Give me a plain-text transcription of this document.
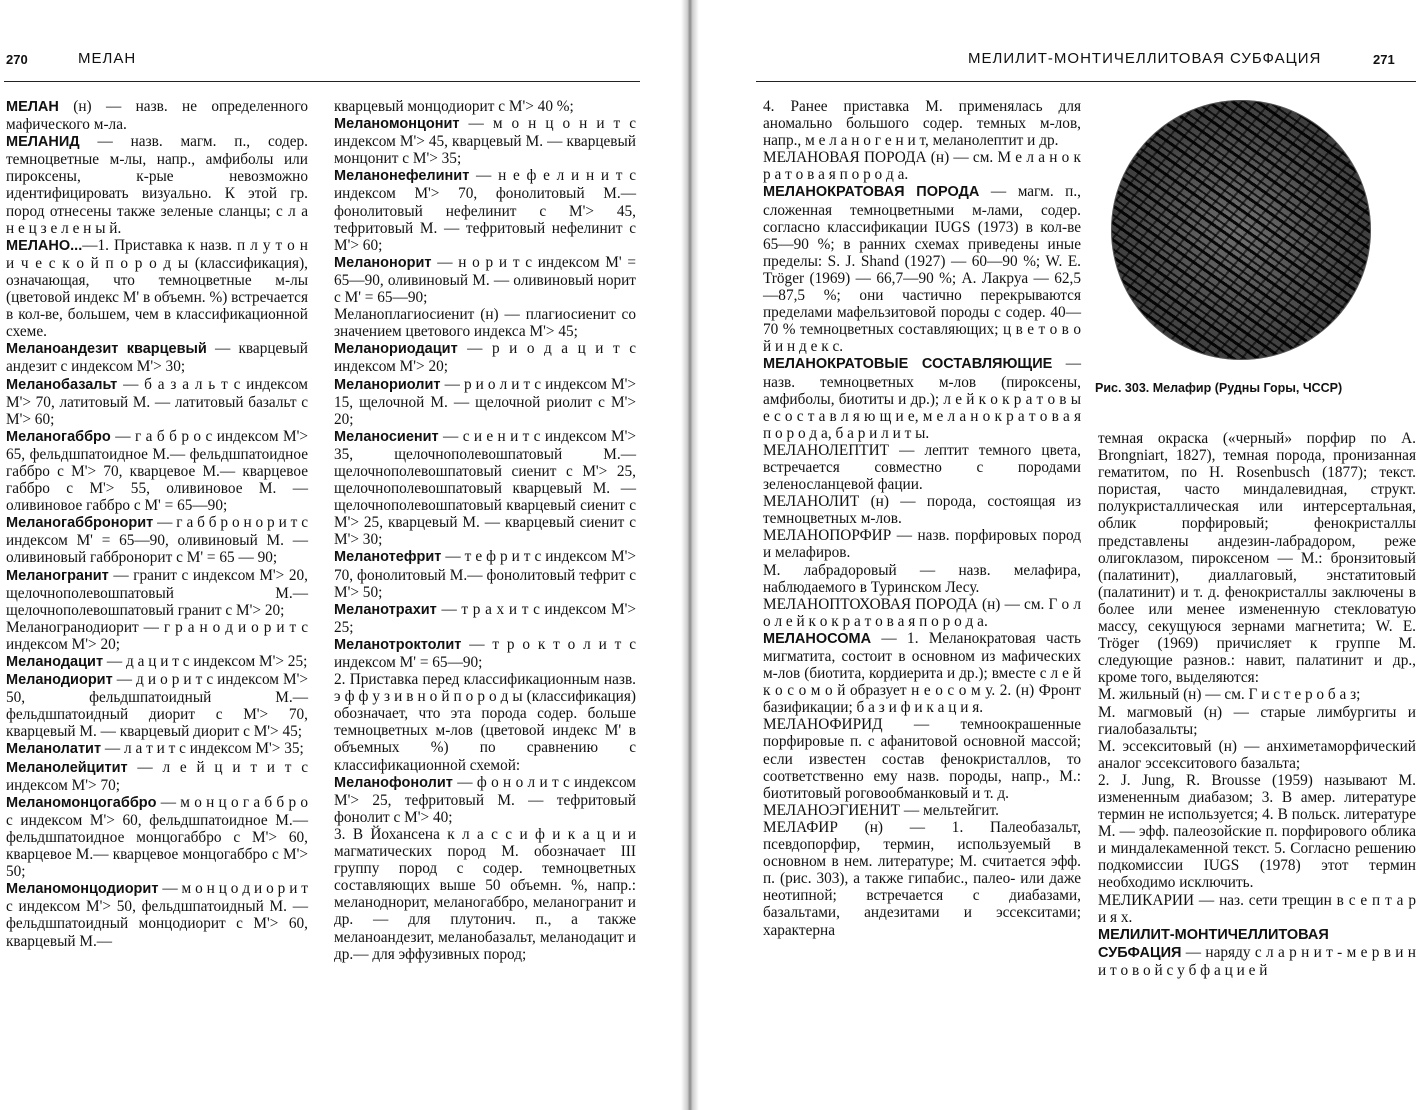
270	МЕЛАН

МЕЛАН (н) — назв. не определенного мафического м-ла.

МЕЛАНИД — назв. магм. п., содер. темноцветные м-лы, напр., амфиболы или пироксены, к-рые невозможно идентифицировать визуально. К этой гр. пород отнесены также зеленые сланцы; с л а н е ц з е л е н ы й.

МЕЛАНО...—1. Приставка к назв. п л у т о н и ч е с к о й п о р о д ы (классификация), означающая, что темноцветные м-лы (цветовой индекс M' в объемн. %) встречается в кол-ве, большем, чем в классификационной схеме.

Меланоандезит кварцевый — кварцевый андезит с индексом M'> 30;

Меланобазальт — б а з а л ь т с индексом M'> 70, латитовый М. — латитовый базальт с M'> 60;

Меланогаббро — г а б б р о с индексом M'> 65, фельдшпатоидное М.— фельдшпатоидное габбро с M'> 70, кварцевое М.— кварцевое габбро с M'> 55, оливиновое М. — оливиновое габбро с M' = 65—90;

Меланогаббронорит — г а б б р о н о р и т с индексом M' = 65—90, оливиновый М. — оливиновый габброноpит с M' = 65 — 90;

Меланогранит — гранит с индексом M'> 20, щелочнополевошпатовый М.— щелочнополевошпатовый гранит с M'> 20;

Меланогранодиорит — г р а н о д и о р и т с индексом M'> 20;

Меланодацит — д а ц и т с индексом M'> 25;

Меланодиорит — д и о р и т с индексом M'> 50, фельдшпатоидный М.— фельдшпатоидный диорит с M'> 70, кварцевый М. — кварцевый диорит с M'> 45;

Меланолатит — л а т и т с индексом M'> 35;

Меланолейцитит — л е й ц и т и т с индексом M'> 70;

Меланомонцогаббро — м о н ц о г а б б р о с индексом M'> 60, фельдшпатоидное М.— фельдшпатоидное монцогаббро с M'> 60, кварцевое М.— кварцевое монцогаббро с M'> 50;

Меланомонцодиорит — м о н ц о д и о р и т с индексом M'> 50, фельдшпатоидный М. — фельдшпатоидный монцодиорит с M'> 60, кварцевый М.—

кварцевый монцодиорит с M'> 40 %;

Меланомонцонит — м о н ц о н и т с индексом M'> 45, кварцевый М. — кварцевый монцонит с M'> 35;

Меланонефелинит — н е ф е л и н и т с индексом M'> 70, фонолитовый М.— фонолитовый нефелинит с M'> 45, тефритовый М. — тефритовый нефелинит с M'> 60;

Меланонорит — н о р и т с индексом M' = 65—90, оливиновый М. — оливиновый норит с M' = 65—90;

Меланоплагиосиенит (н) — плагиосиенит со значением цветового индекса M'> 45;

Меланориодацит — р и о д а ц и т с индексом M'> 20;

Меланориолит — р и о л и т с индексом M'> 15, щелочной М. — щелочной риолит с M'> 20;

Меланосиенит — с и е н и т с индексом M'> 35, щелочнополевошпатовый М.— щелочнополевошпатовый сиенит с M'> 25, щелочнополевошпатовый кварцевый М. — щелочнополевошпатовый кварцевый сиенит с M'> 25, кварцевый М. — кварцевый сиенит с M'> 30;

Меланотефрит — т е ф р и т с индексом M'> 70, фонолитовый М.— фонолитовый тефрит с M'> 50;

Меланотрахит — т р а х и т с индексом M'> 25;

Меланотроктолит — т р о к т о л и т с индексом M' = 65—90;

2. Приставка перед классификационным назв. э ф ф у з и в н о й п о р о д ы (классификация) обозначает, что эта порода содер. больше темноцветных м-лов (цветовой индекс M' в объемных %) по сравнению с классификационной схемой:

Меланофонолит — ф о н о л и т с индексом M'> 25, тефритовый М. — тефритовый фонолит с M'> 40;

3. В Йохансена к л а с с и ф и к а ц и и магматических пород М. обозначает III группу пород с содер. темноцветных составляющих выше 50 объемн. %, напр.: меланоднорит, меланогаббро, меланогранит и др. — для плутонич. п., а также меланоандезит, меланобазальт, меланодацит и др.— для эффузивных пород;

МЕЛИЛИТ-МОНТИЧЕЛЛИТОВАЯ СУБФАЦИЯ	271

4. Ранее приставка М. применялась для аномально большого содер. темных м-лов, напр., м е л а н о г е н и т, меланолептит и др.

МЕЛАНОВАЯ ПОРОДА (н) — см. М е л а н о к р а т о в а я п о р о д а.

МЕЛАНОКРАТОВАЯ ПОРОДА — магм. п., сложенная темноцветными м-лами, содер. согласно классификации IUGS (1973) в кол-ве 65—90 %; в ранних схемах приведены иные пределы: S. J. Shand (1927) — 60—90 %; W. E. Tröger (1969) — 66,7—90 %; А. Лакруа — 62,5—87,5 %; они частично перекрываются пределами мафельзитовой породы с содер. 40—70 % темноцветных составляющих; ц в е т о в о й и н д е к с.

МЕЛАНОКРАТОВЫЕ СОСТАВЛЯЮЩИЕ — назв. темноцветных м-лов (пироксены, амфиболы, биотиты и др.); л е й к о к р а т о в ы е с о с т а в л я ю щ и е, м е л а н о к р а т о в а я п о р о д а, б а р и л и т ы.

МЕЛАНОЛЕПТИТ — лептит темного цвета, встречается совместно с породами зеленосланцевой фации.

МЕЛАНОЛИТ (н) — порода, состоящая из темноцветных м-лов.

МЕЛАНОПОРФИР — назв. порфировых пород и мелафиров.

М. лабрадоровый — назв. мелафира, наблюдаемого в Туринском Лесу.

МЕЛАНОПТОХОВАЯ ПОРОДА (н) — см. Г о л о л е й к о к р а т о в а я п о р о д а.

МЕЛАНОСОМА — 1. Меланократовая часть мигматита, состоит в основном из мафических м-лов (биотита, кордиерита и др.); вместе с л е й к о с о м о й образует н е о с о м у. 2. (н) Фронт базификации; б а з и ф и к а ц и я.

МЕЛАНОФИРИД — темноокрашенные порфировые п. с афанитовой основной массой; если известен состав фенокристаллов, то соответственно ему назв. породы, напр., М.: биотитовый роговообманковый и т. д.

МЕЛАНОЭГИЕНИТ — мельтейгит.

МЕЛАФИР (н) — 1. Палеобазальт, псевдопорфир, термин, используемый в основном в нем. литературе; М. считается эфф. п. (рис. 303), а также гипабис., палео- или даже неотипной; встречается с диабазами, базальтами, андезитами и эссекситами; характерна

Рис. 303. Мелафир (Рудны Горы, ЧССР)

темная окраска («черный» порфир по A. Brongniart, 1827), темная порода, пронизанная гематитом, по H. Rosenbusch (1877); текст. пористая, часто миндалевидная, структ. полукристаллическая или интерсертальная, облик порфировый; фенокристаллы представлены андезин-лабрадором, реже олигоклазом, пироксеном — М.: бронзитовый (палатинит), диаллаговый, энстатитовый (палатинит) и т. д. фенокристаллы заключены в более или менее измененную стекловатую массу, секущуюся зернами магнетита; W. E. Tröger (1969) причисляет к группе М. следующие разнов.: навит, палатинит и др., кроме того, выделяются:

М. жильный (н) — см. Г и с т е р о б а з;

М. магмовый (н) — старые лимбургиты и гиалобазальты;

М. эссекситовый (н) — анхиметаморфический аналог эссекситового базальта;

2. J. Jung, R. Brousse (1959) называют М. измененным диабазом; 3. В амер. литературе термин не используется; 4. В польск. литературе М. — эфф. палеозойские п. порфирового облика и миндалекаменной текст. 5. Согласно решению подкомиссии IUGS (1978) этот термин необходимо исключить.

МЕЛИКАРИИ — наз. сети трещин в с е п т а р и я х.

МЕЛИЛИТ-МОНТИЧЕЛЛИТОВАЯ СУБФАЦИЯ — наряду с л а р н и т - м е р в и н и т о в о й с у б ф а ц и е й
